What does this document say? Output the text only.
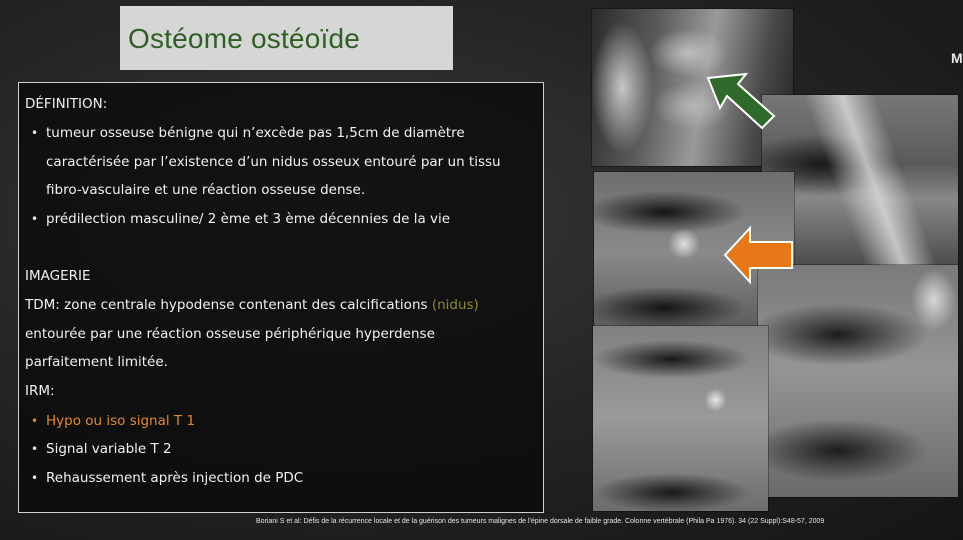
Ostéome ostéoïde
M
DÉFINITION:
• tumeur osseuse bénigne qui n’excède pas 1,5cm de diamètre
caractérisée par l’existence d’un nidus osseux entouré par un tissu
fibro-vasculaire et une réaction osseuse dense.
• prédilection masculine/ 2 ème et 3 ème décennies de la vie
IMAGERIE
TDM: zone centrale hypodense contenant des calcifications (nidus)
entourée par une réaction osseuse périphérique hyperdense
parfaitement limitée.
IRM:
• Hypo ou iso signal T 1
• Signal variable T 2
• Rehaussement après injection de PDC
Boriani S et al: Défis de la récurrence locale et de la guérison des tumeurs malignes de l'épine dorsale de faible grade. Colonne vertébrale (Phila Pa 1976). 34 (22 Suppl):S48-57, 2009
